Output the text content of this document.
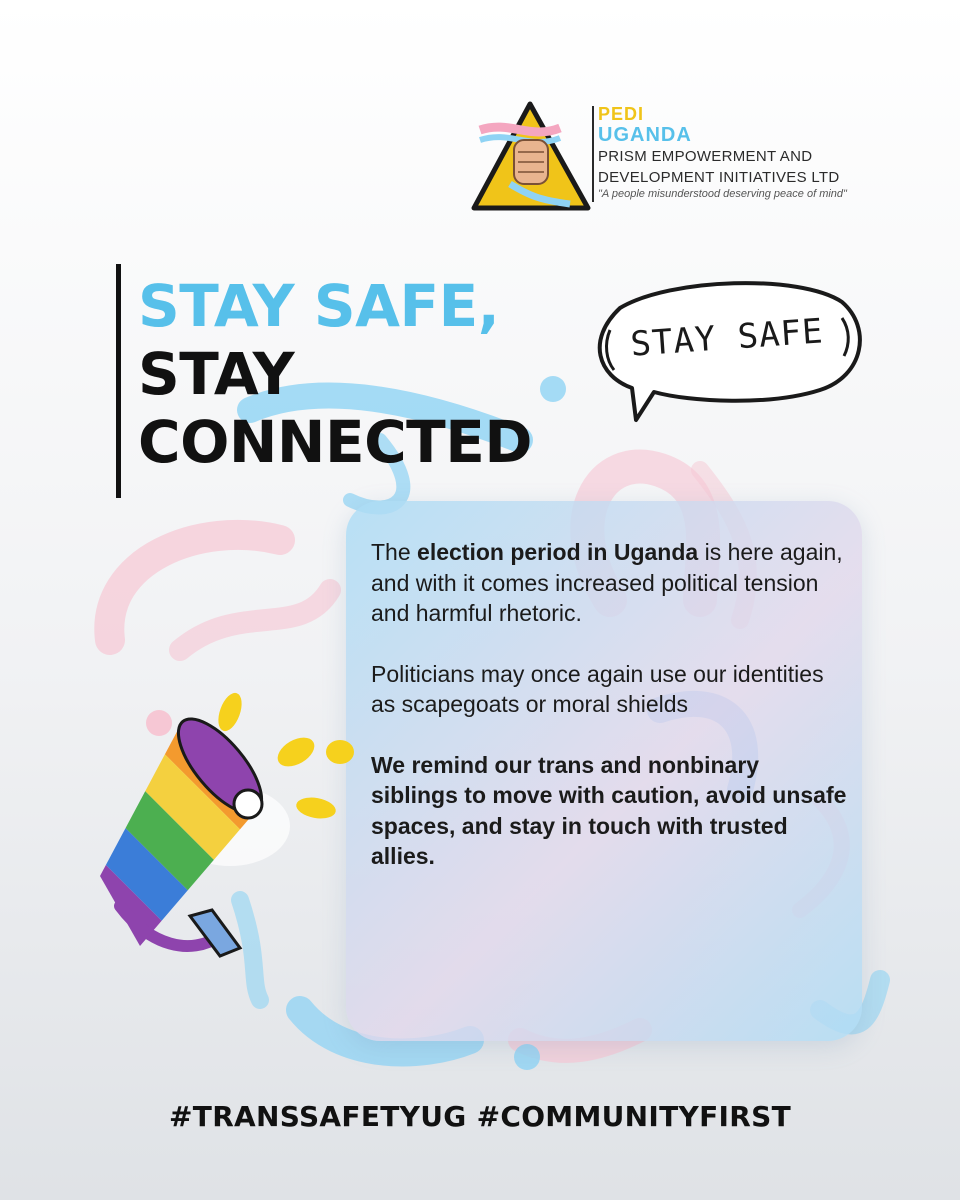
PEDI
UGANDA
PRISM EMPOWERMENT AND
DEVELOPMENT INITIATIVES LTD
"A people misunderstood deserving peace of mind"
STAY SAFE,
STAY
CONNECTED
STAY SAFE

The election period in Uganda is here again, and with it comes increased political tension and harmful rhetoric.

Politicians may once again use our identities as scapegoats or moral shields

We remind our trans and nonbinary siblings to move with caution, avoid unsafe spaces, and stay in touch with trusted allies.

#TRANSSAFETYUG #COMMUNITYFIRST
